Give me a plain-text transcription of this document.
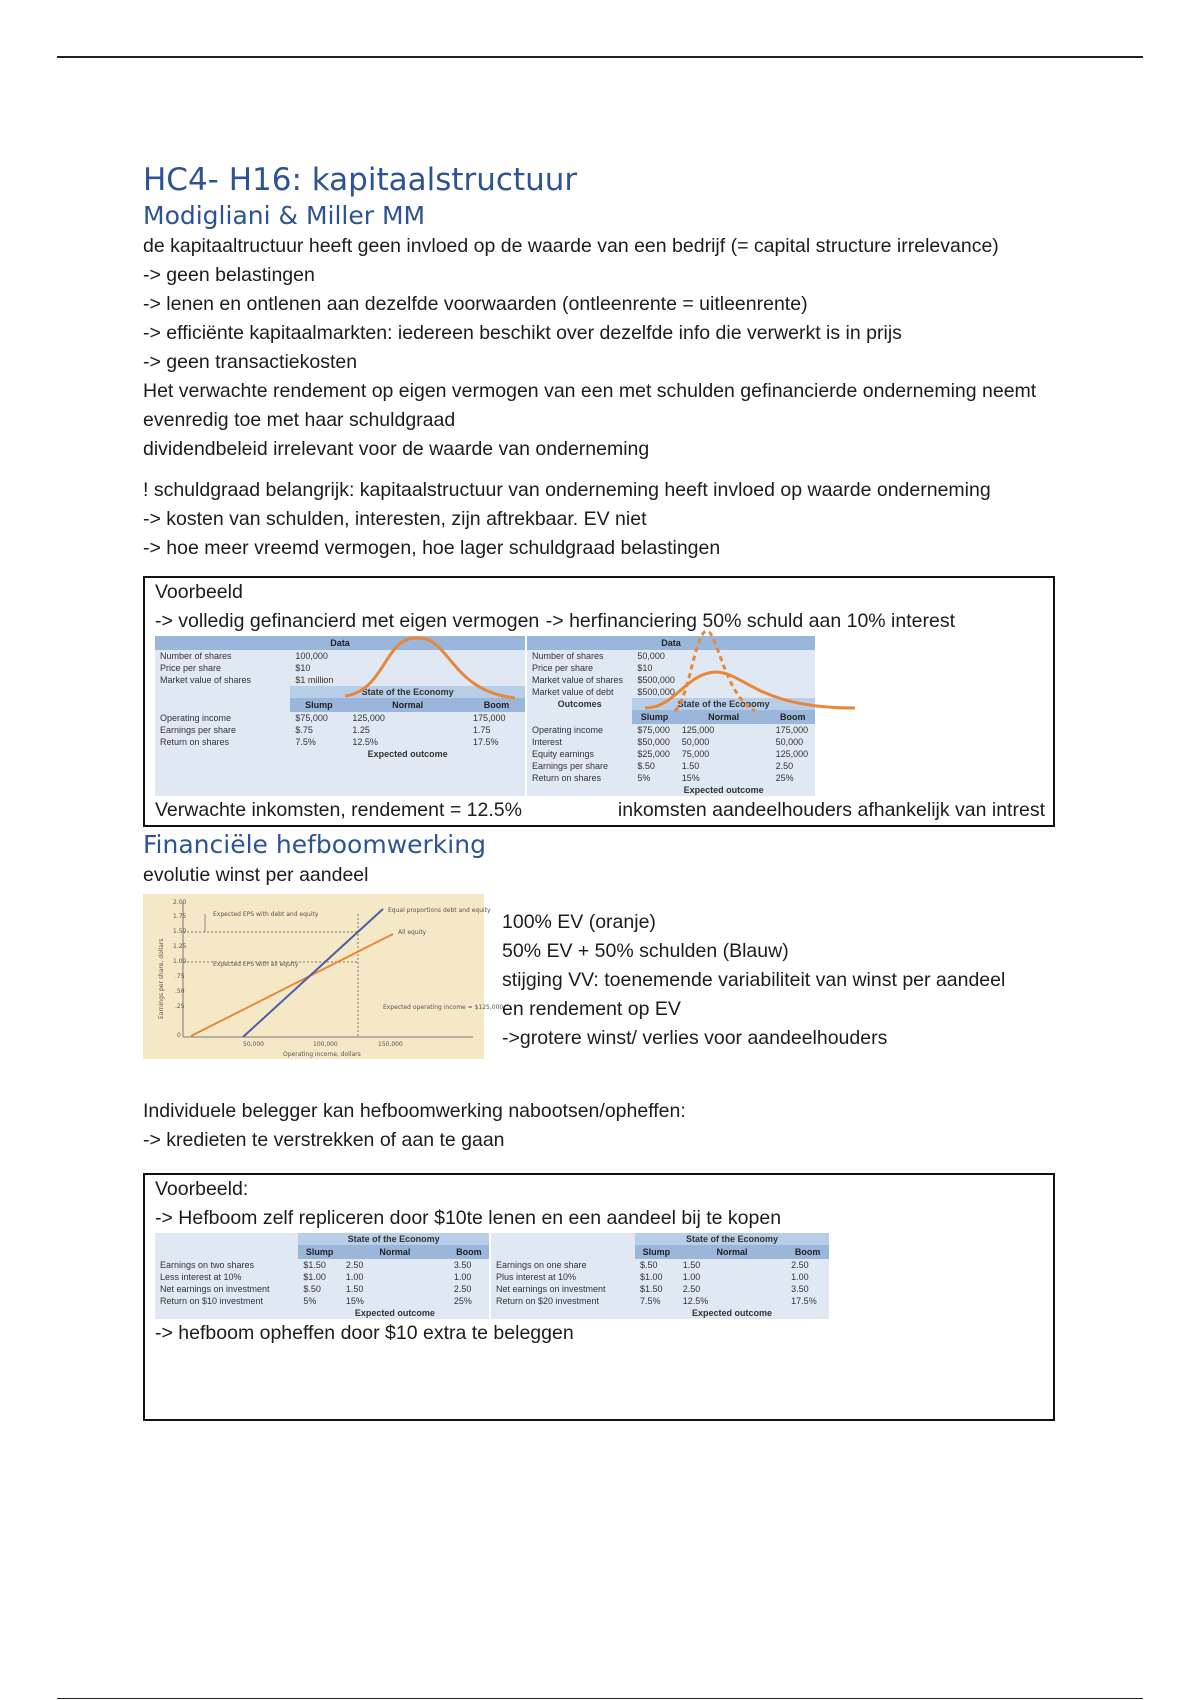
HC4- H16: kapitaalstructuur
Modigliani & Miller MM

de kapitaaltructuur heeft geen invloed op de waarde van een bedrijf (= capital structure irrelevance)

-> geen belastingen

-> lenen en ontlenen aan dezelfde voorwaarden (ontleenrente = uitleenrente)

-> efficiënte kapitaalmarkten: iedereen beschikt over dezelfde info die verwerkt is in prijs

-> geen transactiekosten

Het verwachte rendement op eigen vermogen van een met schulden gefinancierde onderneming neemt evenredig toe met haar schuldgraad

dividendbeleid irrelevant voor de waarde van onderneming

! schuldgraad belangrijk: kapitaalstructuur van onderneming heeft invloed op waarde onderneming

-> kosten van schulden, interesten, zijn aftrekbaar. EV niet

-> hoe meer vreemd vermogen, hoe lager schuldgraad belastingen

Voorbeeld

-> volledig gefinancierd met eigen vermogen -> herfinanciering 50% schuld aan 10% interest

Data			
Number of shares	100,000		
Price per share	$10		
Market value of shares	$1 million		
	State of the Economy		
	Slump	Normal	Boom
Operating income	$75,000	125,000	175,000
Earnings per share	$.75	1.25	1.75
Return on shares	7.5%	12.5%	17.5%
		Expected outcome	
Data			
Number of shares	50,000		
Price per share	$10		
Market value of shares	$500,000		
Market value of debt	$500,000		
Outcomes	State of the Economy		
	Slump	Normal	Boom
Operating income	$75,000	125,000	175,000
Interest	$50,000	50,000	50,000
Equity earnings	$25,000	75,000	125,000
Earnings per share	$.50	1.50	2.50
Return on shares	5%	15%	25%
		Expected outcome	

Verwachte inkomsten, rendement = 12.5%	inkomsten aandeelhouders afhankelijk van intrest

Financiële hefboomwerking

evolutie winst per aandeel

2.00
1.75
1.50
1.25
1.00
.75
.50
.25
0
50,000	100,000	150,000
Operating income, dollars
Earnings per share, dollars
Expected EPS with debt and equity
Expected EPS with all equity
Equal proportions debt and equity
All equity
Expected operating income = $125,000

100% EV (oranje)

50% EV + 50% schulden (Blauw)

stijging VV: toenemende variabiliteit van winst per aandeel en rendement op EV

->grotere winst/ verlies voor aandeelhouders

Individuele belegger kan hefboomwerking nabootsen/opheffen:

-> kredieten te verstrekken of aan te gaan

Voorbeeld:

-> Hefboom zelf repliceren door $10te lenen en een aandeel bij te kopen

	State of the Economy		
	Slump	Normal	Boom
Earnings on two shares	$1.50	2.50	3.50
Less interest at 10%	$1.00	1.00	1.00
Net earnings on investment	$.50	1.50	2.50
Return on $10 investment	5%	15%	25%
		Expected outcome	
	State of the Economy		
	Slump	Normal	Boom
Earnings on one share	$.50	1.50	2.50
Plus interest at 10%	$1.00	1.00	1.00
Net earnings on investment	$1.50	2.50	3.50
Return on $20 investment	7.5%	12.5%	17.5%
		Expected outcome	

-> hefboom opheffen door $10 extra te beleggen
